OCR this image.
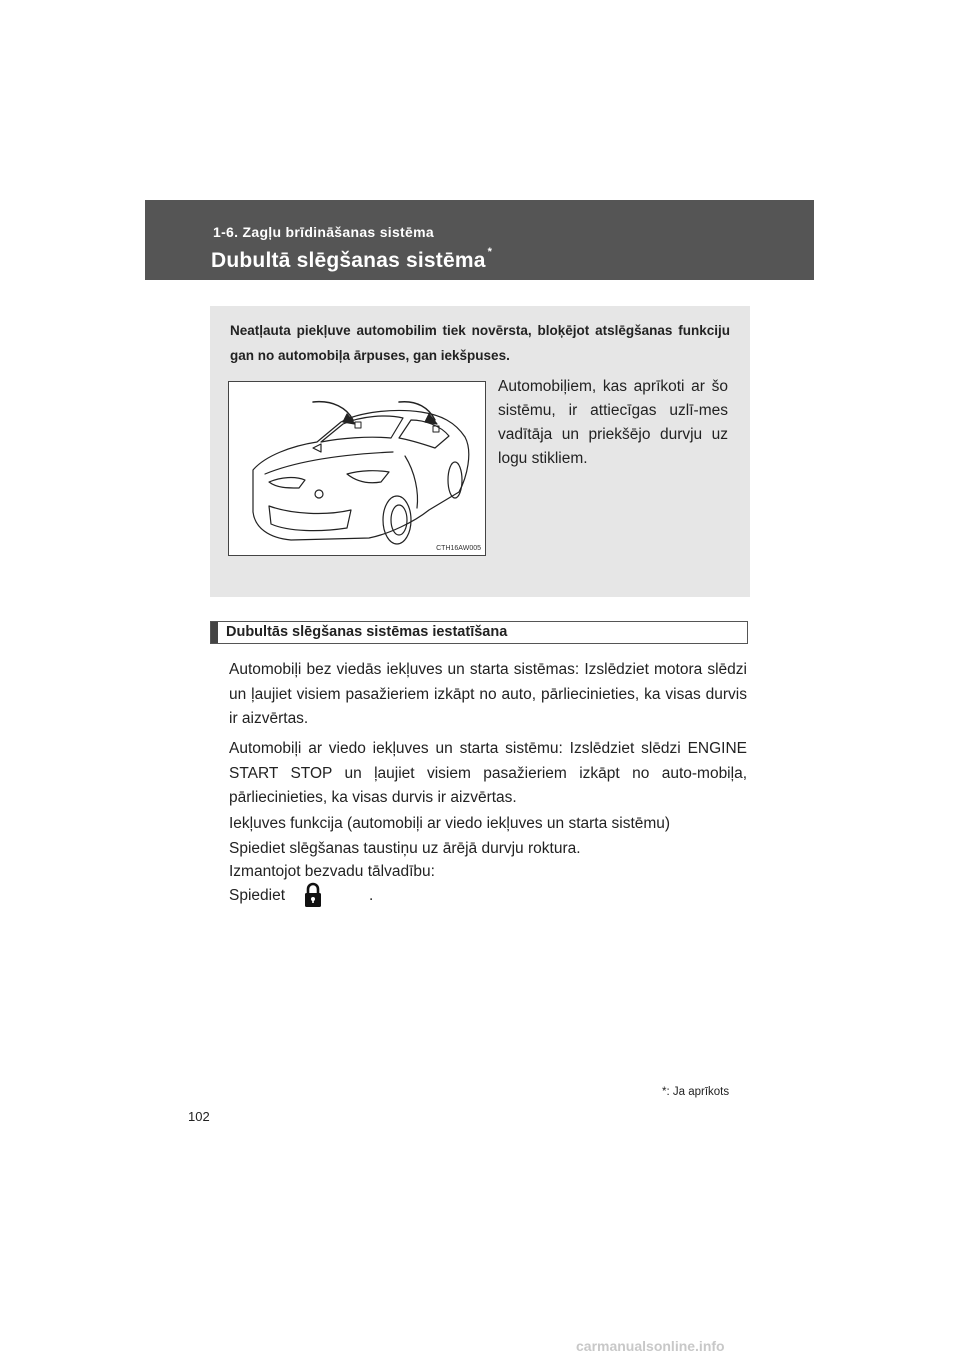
1-6. Zagļu brīdināšanas sistēma
Dubultā slēgšanas sistēma *
Neatļauta piekļuve automobilim tiek novērsta, bloķējot atslēgšanas funkciju gan no automobiļa ārpuses, gan iekšpuses.
CTH16AW005
Automobiļiem, kas aprīkoti ar šo sistēmu, ir attiecīgas uzlī-mes vadītāja un priekšējo durvju uz logu stikliem.
Dubultās slēgšanas sistēmas iestatīšana
Automobiļi bez viedās iekļuves un starta sistēmas: Izslēdziet motora slēdzi un ļaujiet visiem pasažieriem izkāpt no auto, pārliecinieties, ka visas durvis ir aizvērtas.
Automobiļi ar viedo iekļuves un starta sistēmu: Izslēdziet slēdzi ENGINE START STOP un ļaujiet visiem pasažieriem izkāpt no auto-mobiļa, pārliecinieties, ka visas durvis ir aizvērtas.
Iekļuves funkcija (automobiļi ar viedo iekļuves un starta sistēmu)
Spiediet slēgšanas taustiņu uz ārējā durvju roktura.
Izmantojot bezvadu tālvadību:
Spiediet	.
*: Ja aprīkots
102
carmanualsonline.info
